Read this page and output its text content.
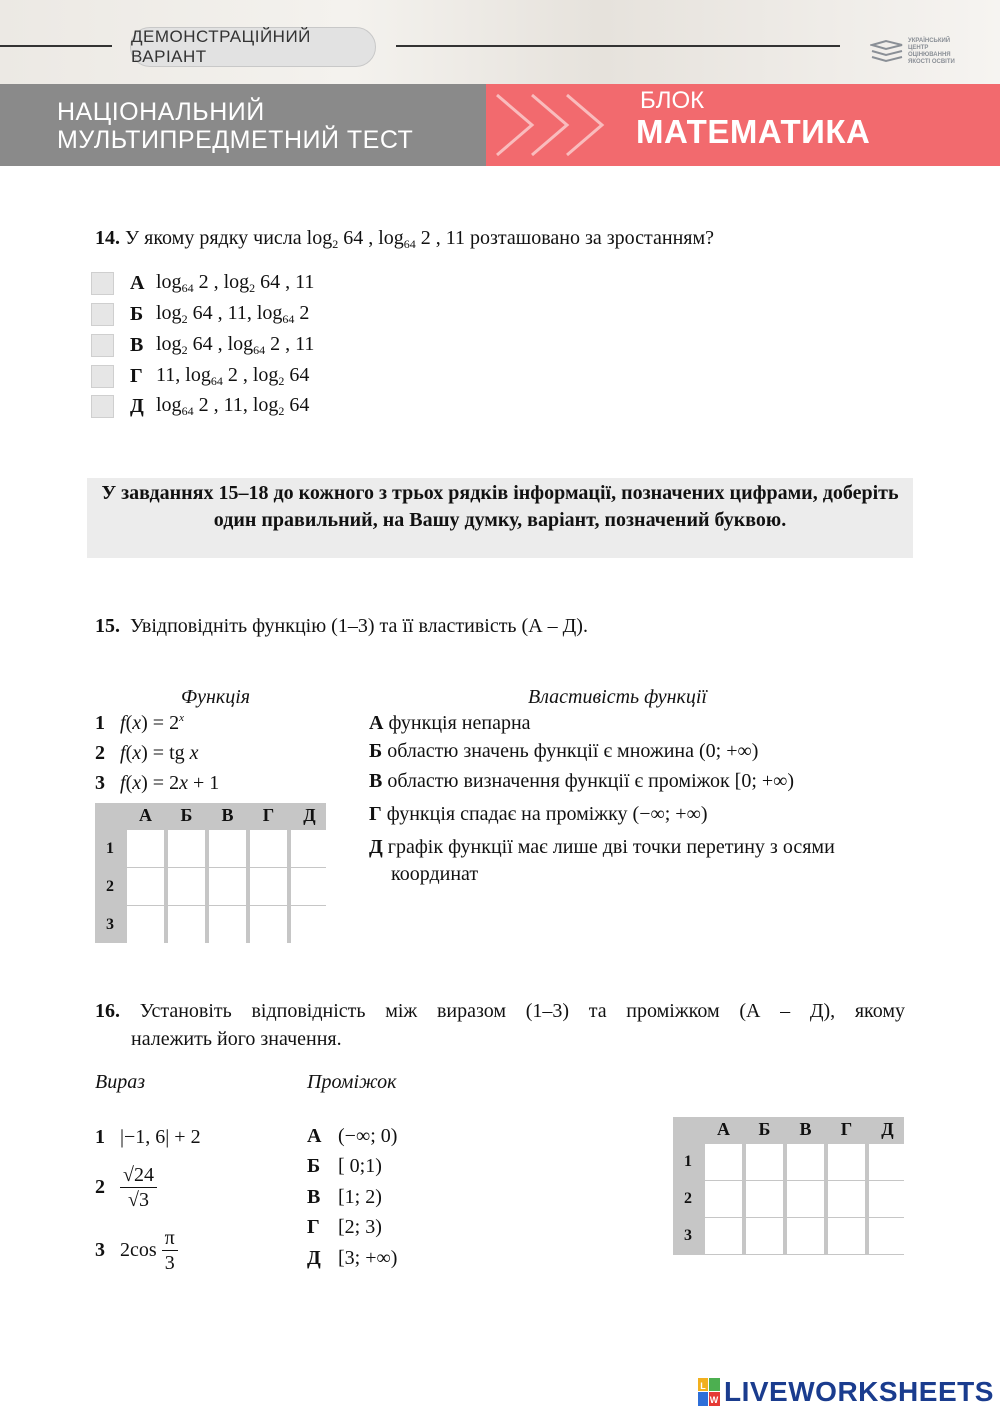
ДЕМОНСТРАЦІЙНИЙ ВАРІАНТ
УКРАЇНСЬКИЙ ЦЕНТР ОЦІНЮВАННЯ ЯКОСТІ ОСВІТИ
НАЦІОНАЛЬНИЙ
МУЛЬТИПРЕДМЕТНИЙ ТЕСТ
БЛОК
МАТЕМАТИКА
14. У якому рядку числа $\log_2 64$ , $\log_{64} 2$ , 11 розташовано за зростанням?
А $\log_{64} 2$ , $\log_2 64$ , 11
Б $\log_2 64$ , 11, $\log_{64} 2$
В $\log_2 64$ , $\log_{64} 2$ , 11
Г 11, $\log_{64} 2$ , $\log_2 64$
Д $\log_{64} 2$ , 11, $\log_2 64$
У завданнях 15–18 до кожного з трьох рядків інформації, позначених цифрами, доберіть один правильний, на Вашу думку, варіант, позначений буквою.
15. Увідповідніть функцію (1–3) та її властивість (А – Д).
Функція	Властивість функції
1 $f(x) = 2^x$
2 f(x) = tg x
3 f(x) = 2x + 1
А функція непарна
Б областю значень функції є множина (0; +∞)
В областю визначення функції є проміжок [0; +∞)
Г функція спадає на проміжку (−∞; +∞)
Д графік функції має лише дві точки перетину з осями координат
А	Б	В	Г	Д
1
2
3
16. Установіть відповідність між виразом (1–3) та проміжком (А – Д), якому
належить його значення.
Вираз	Проміжок
1 |−1, 6| + 2
2
$\frac{√24}{√3}$
3
2cos
$\frac{\pi}{3}$
А (−∞; 0)
Б [ 0;1)
В [1; 2)
Г [2; 3)
Д [3; +∞)
А	Б	В	Г	Д
1
2
3
L
W LIVEWORKSHEETS
